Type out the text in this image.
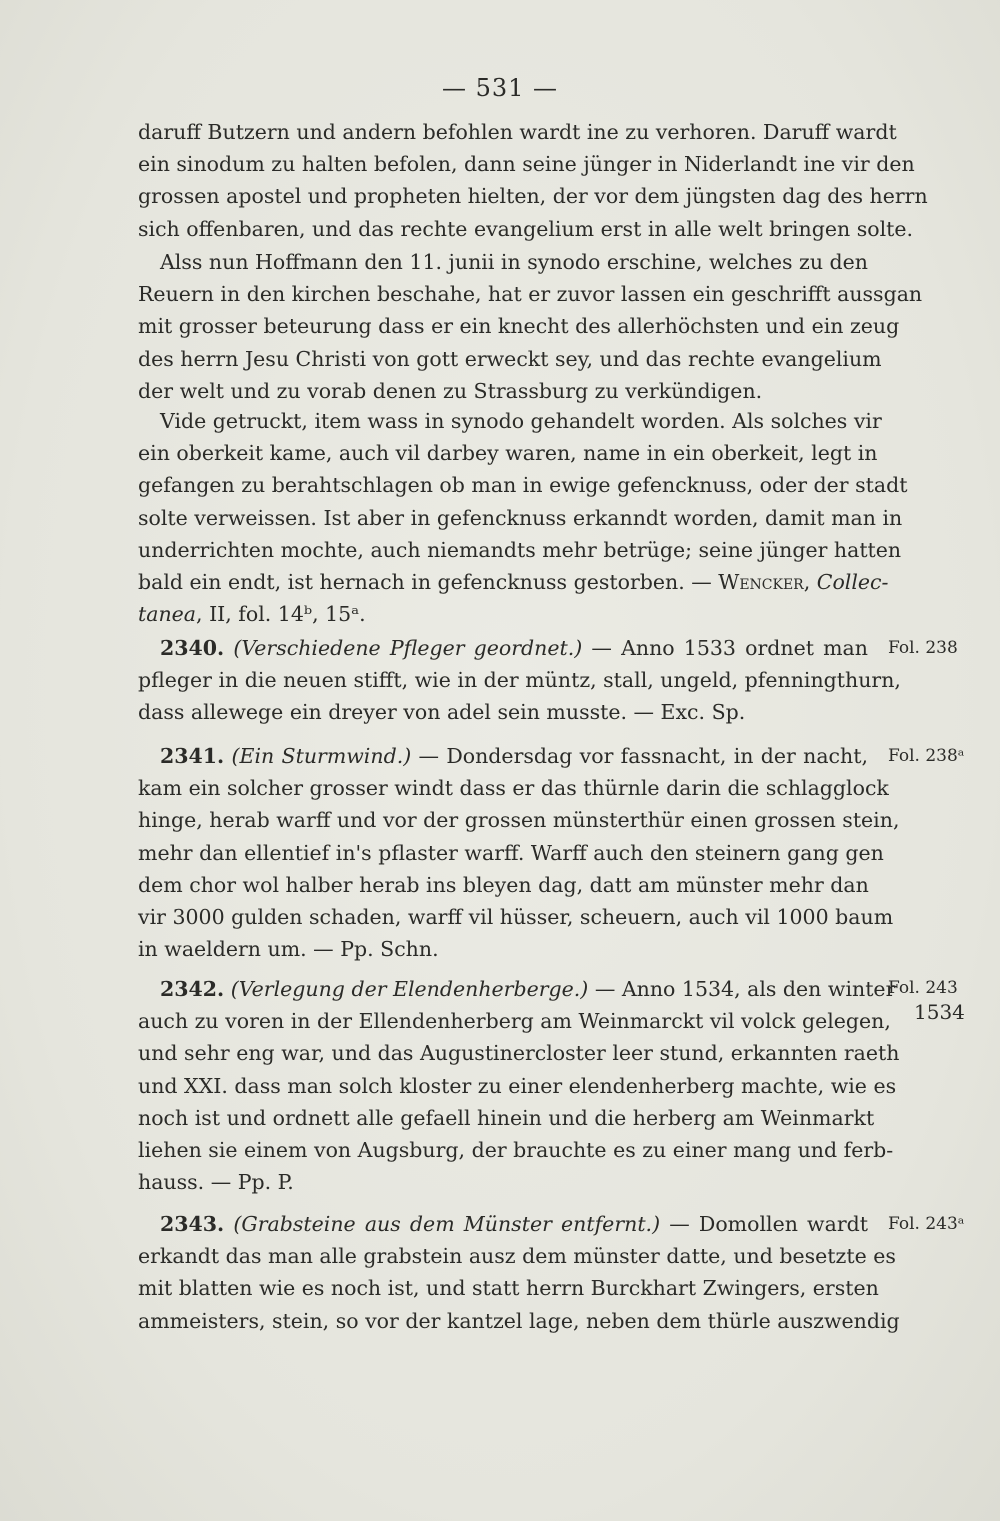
— 531 —
daruff Butzern und andern befohlen wardt ine zu verhoren. Daruff wardt
ein sinodum zu halten befolen, dann seine jünger in Niderlandt ine vir den
grossen apostel und propheten hielten, der vor dem jüngsten dag des herrn
sich offenbaren, und das rechte evangelium erst in alle welt bringen solte.
Alss nun Hoffmann den 11. junii in synodo erschine, welches zu den
Reuern in den kirchen beschahe, hat er zuvor lassen ein geschrifft aussgan
mit grosser beteurung dass er ein knecht des allerhöchsten und ein zeug
des herrn Jesu Christi von gott erweckt sey, und das rechte evangelium
der welt und zu vorab denen zu Strassburg zu verkündigen.
Vide getruckt, item wass in synodo gehandelt worden. Als solches vir
ein oberkeit kame, auch vil darbey waren, name in ein oberkeit, legt in
gefangen zu berahtschlagen ob man in ewige gefencknuss, oder der stadt
solte verweissen. Ist aber in gefencknuss erkanndt worden, damit man in
underrichten mochte, auch niemandts mehr betrüge; seine jünger hatten
bald ein endt, ist hernach in gefencknuss gestorben. — Wencker, Collec-
tanea, II, fol. 14ᵇ, 15ᵃ.
2340. (Verschiedene Pfleger geordnet.) — Anno 1533 ordnet man
pfleger in die neuen stifft, wie in der müntz, stall, ungeld, pfenningthurn,
dass allewege ein dreyer von adel sein musste. — Exc. Sp.
Fol. 238
2341. (Ein Sturmwind.) — Dondersdag vor fassnacht, in der nacht,
kam ein solcher grosser windt dass er das thürnle darin die schlagglock
hinge, herab warff und vor der grossen münsterthür einen grossen stein,
mehr dan ellentief in's pflaster warff. Warff auch den steinern gang gen
dem chor wol halber herab ins bleyen dag, datt am münster mehr dan
vir 3000 gulden schaden, warff vil hüsser, scheuern, auch vil 1000 baum
in waeldern um. — Pp. Schn.
Fol. 238ᵃ
2342. (Verlegung der Elendenherberge.) — Anno 1534, als den winter
auch zu voren in der Ellendenherberg am Weinmarckt vil volck gelegen,
und sehr eng war, und das Augustinercloster leer stund, erkannten raeth
und XXI. dass man solch kloster zu einer elendenherberg machte, wie es
noch ist und ordnett alle gefaell hinein und die herberg am Weinmarkt
liehen sie einem von Augsburg, der brauchte es zu einer mang und ferb-
hauss. — Pp. P.
Fol. 243
1534
2343. (Grabsteine aus dem Münster entfernt.) — Domollen wardt
erkandt das man alle grabstein ausz dem münster datte, und besetzte es
mit blatten wie es noch ist, und statt herrn Burckhart Zwingers, ersten
ammeisters, stein, so vor der kantzel lage, neben dem thürle auszwendig
Fol. 243ᵃ
